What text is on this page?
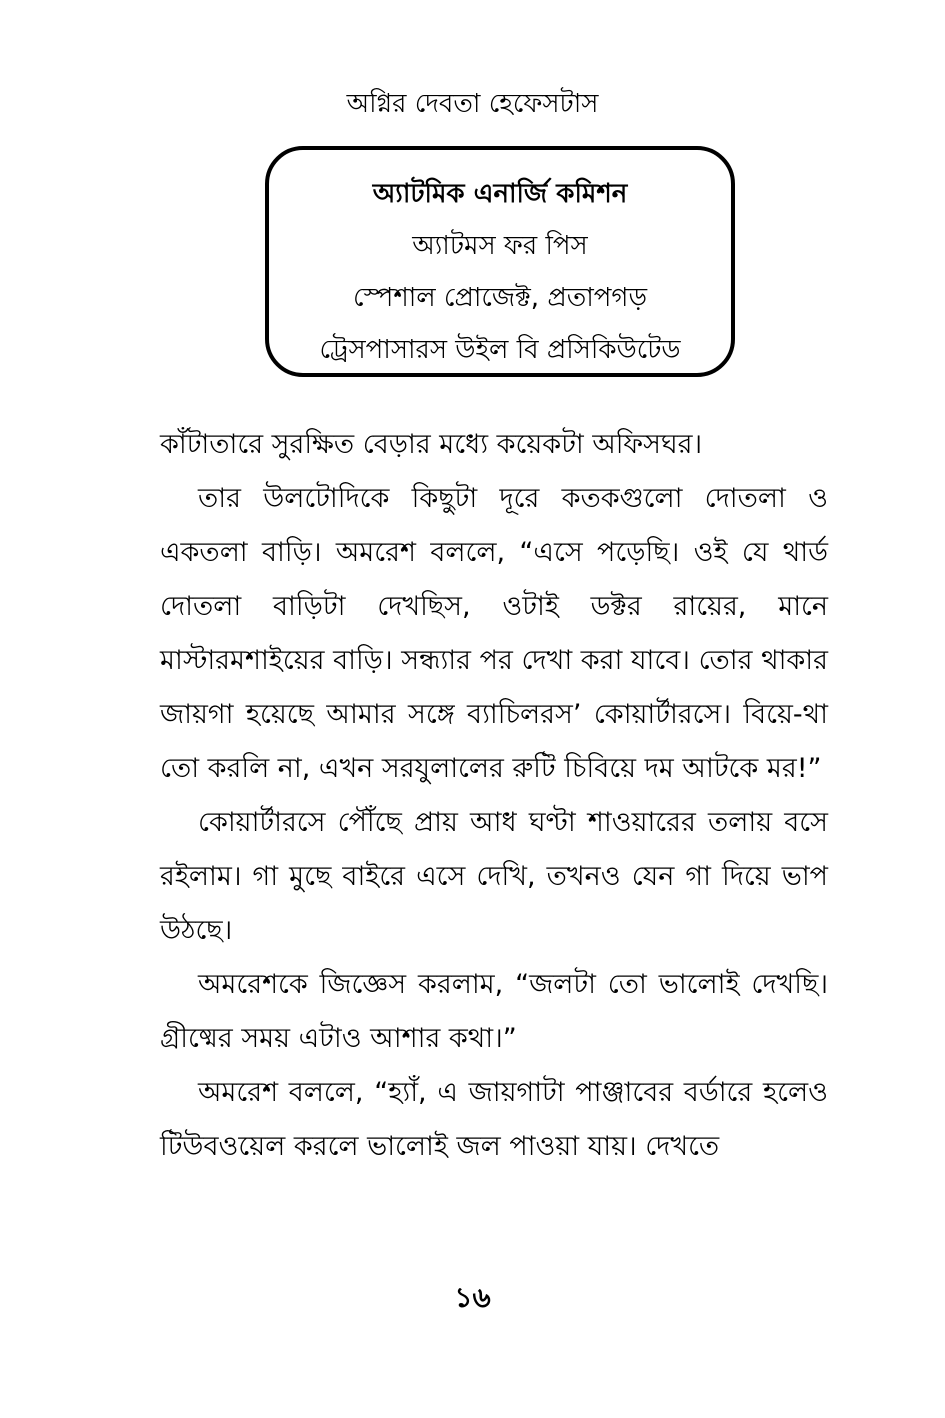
অগ্নির দেবতা হেফেসটাস
অ্যাটমিক এনার্জি কমিশন
অ্যাটমস ফর পিস
স্পেশাল প্রোজেক্ট, প্রতাপগড়
ট্রেসপাসারস উইল বি প্রসিকিউটেড

কাঁটাতারে সুরক্ষিত বেড়ার মধ্যে কয়েকটা অফিসঘর।

তার উলটোদিকে কিছুটা দূরে কতকগুলো দোতলা ও একতলা বাড়ি। অমরেশ বললে, “এসে পড়েছি। ওই যে থার্ড দোতলা বাড়িটা দেখছিস, ওটাই ডক্টর রায়ের, মানে মাস্টারমশাইয়ের বাড়ি। সন্ধ্যার পর দেখা করা যাবে। তোর থাকার জায়গা হয়েছে আমার সঙ্গে ব্যাচিলরস’ কোয়ার্টারসে। বিয়ে-থা তো করলি না, এখন সরযুলালের রুটি চিবিয়ে দম আটকে মর!”

কোয়ার্টারসে পৌঁছে প্রায় আধ ঘণ্টা শাওয়ারের তলায় বসে রইলাম। গা মুছে বাইরে এসে দেখি, তখনও যেন গা দিয়ে ভাপ উঠছে।

অমরেশকে জিজ্ঞেস করলাম, “জলটা তো ভালোই দেখছি। গ্রীষ্মের সময় এটাও আশার কথা।”

অমরেশ বললে, “হ্যাঁ, এ জায়গাটা পাঞ্জাবের বর্ডারে হলেও টিউবওয়েল করলে ভালোই জল পাওয়া যায়। দেখতে

১৬
